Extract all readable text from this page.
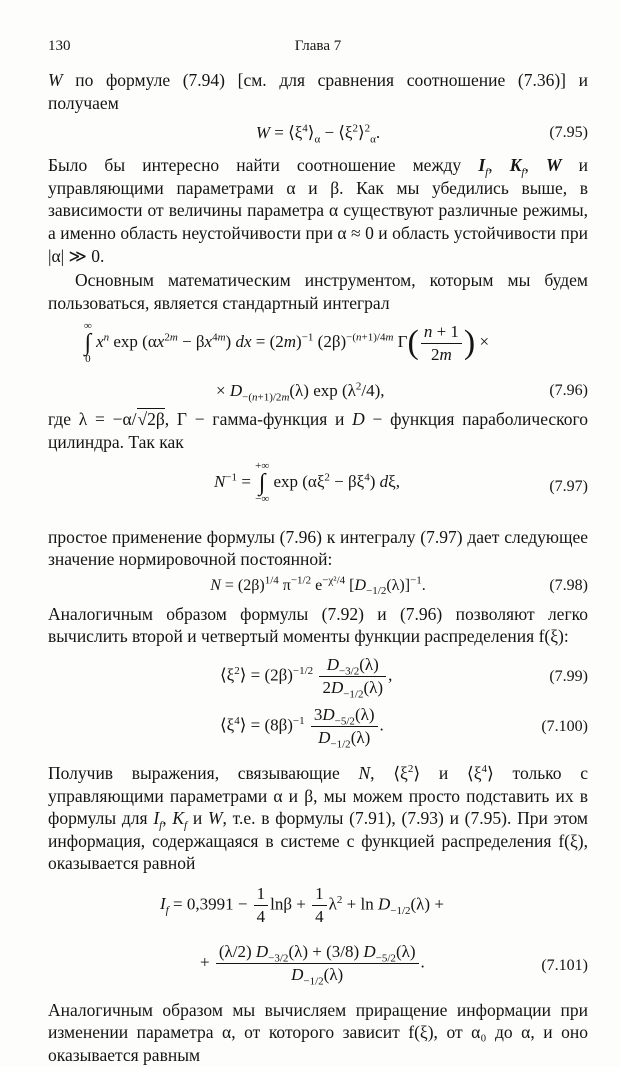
130	Глава 7

W по формуле (7.94) [см. для сравнения соотношение (7.36)] и получаем

$W = ⟨\xi^4⟩_\alpha$ − $⟨\xi^2⟩^2_\alpha$.	(7.95)

Было бы интересно найти соотношение между $I_f$, $K_f$, W и управляющими параметрами α и β. Как мы убедились выше, в зависимости от величины параметра α существуют различные режимы, а именно область неустойчивости при α ≈ 0 и область устойчивости при |α| ≫ 0.

Основным математическим инструментом, которым мы будем пользоваться, является стандартный интеграл

∞
∫
0 $x^n$ $\exp (\alpha x^{2m} - \beta x^{4m})$ dx = $(2m)^{-1}$ $(2\beta)^{-(n+1)/4m}$ $\Gamma( \frac{n + 1}{2m}$ ) ×
× $D_{-(n+1)/2m}(\lambda)$ $\exp (\lambda^2/4)$,	(7.96)

где λ = −α/√2β, Γ − гамма-функция и D − функция параболического цилиндра. Так как

$N^{-1}$ = +∞
∫
−∞ $\exp (\alpha\xi^2 - \beta\xi^4)$ dξ,	(7.97)

простое применение формулы (7.96) к интегралу (7.97) дает следующее значение нормировочной постоянной:

$N = (2\beta)^{1/4}$ $\pi^{-1/2}$ $e^{-\chi^2/4}$ $[D_{-1/2}(\lambda)]^{-1}$.	(7.98)

Аналогичным образом формулы (7.92) и (7.96) позволяют легко вычислить второй и четвертый моменты функции распределения f(ξ):

$⟨\xi^2⟩ = (2\beta)^{-1/2} \frac{D_{-3/2}(\lambda)}{2D_{-1/2}(\lambda)}$ ,	(7.99)
$⟨\xi^4⟩ = (8\beta)^{-1} \frac{3D_{-5/2}(\lambda)}{D_{-1/2}(\lambda)}$ .	(7.100)

Получив выражения, связывающие N, $⟨\xi^2⟩$ и $⟨\xi^4⟩$ только с управляющими параметрами α и β, мы можем просто подставить их в формулы для $I_f$, $K_f$ и W, т.е. в формулы (7.91), (7.93) и (7.95). При этом информация, содержащаяся в системе с функцией распределения f(ξ), оказывается равной

$I_f = 0,3991 - \frac{1}{4}$ $\ln\beta + \frac{1}{4} \lambda^2 + \ln D_{-1/2}(\lambda)$ +
+ $\frac{(\lambda/2) D_{-3/2}(\lambda) + (3/8) D_{-5/2}(\lambda)}{D_{-1/2}(\lambda)}$ .	(7.101)

Аналогичным образом мы вычисляем приращение информации при изменении параметра α, от которого зависит f(ξ), от α₀ до α, и оно оказывается равным
